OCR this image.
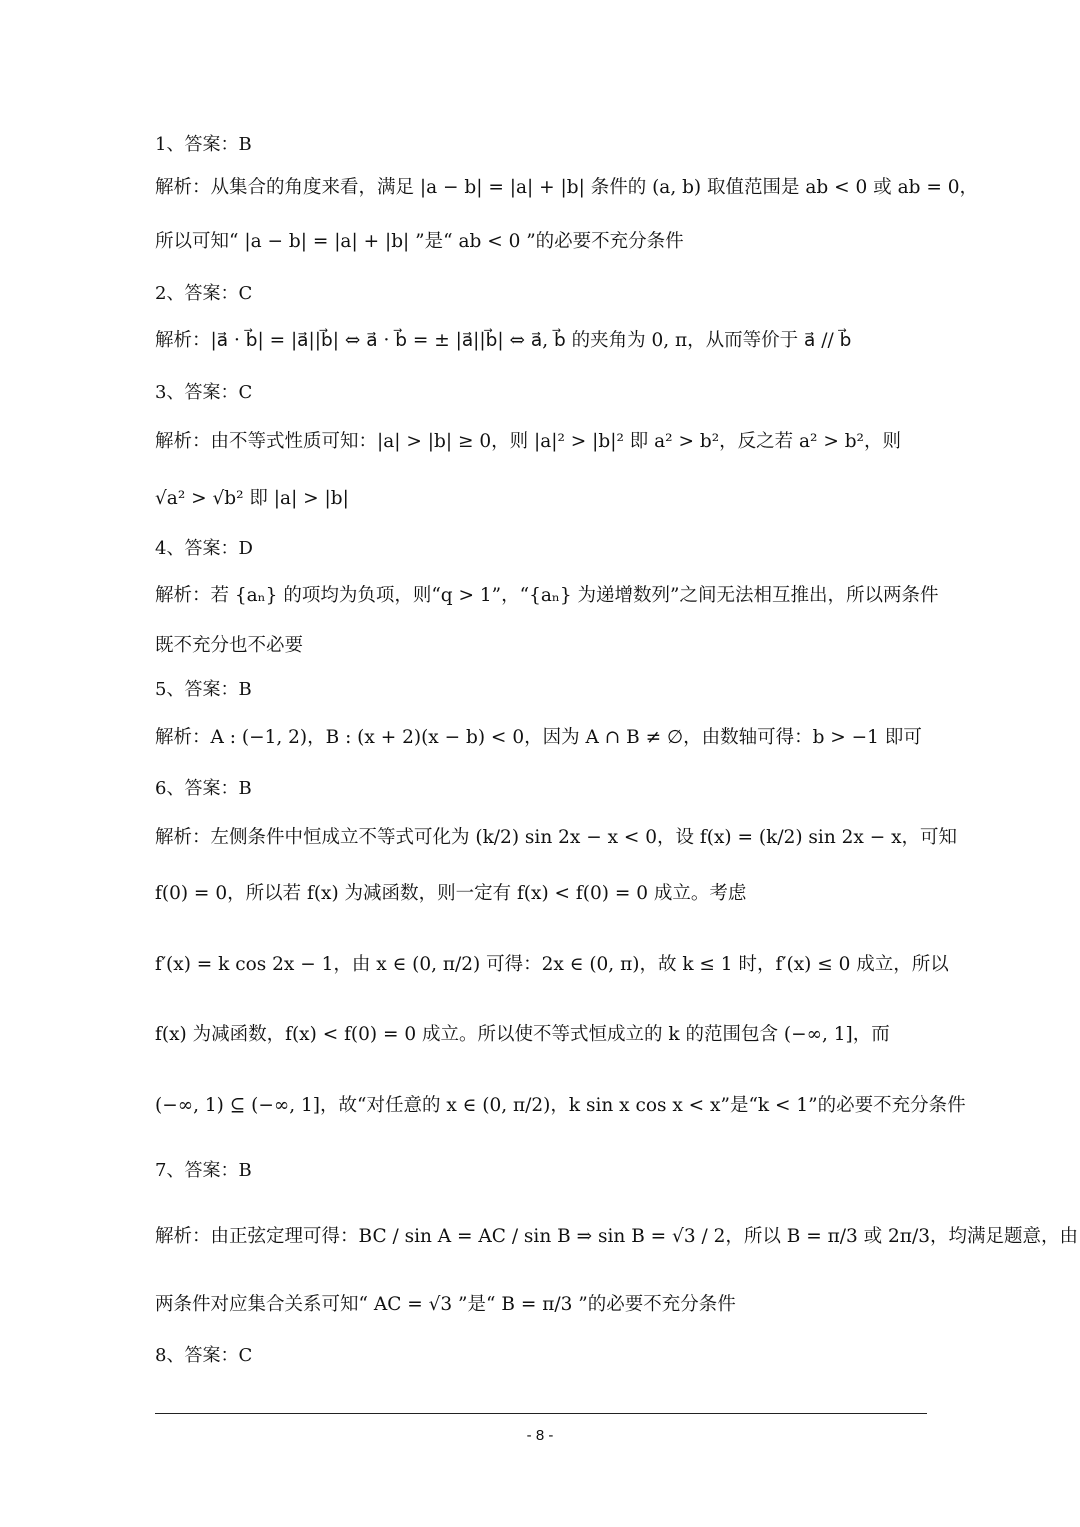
1、答案：B
解析：从集合的角度来看，满足 |a − b| = |a| + |b| 条件的 (a, b) 取值范围是 ab < 0 或 ab = 0，
所以可知“ |a − b| = |a| + |b| ”是“ ab < 0 ”的必要不充分条件
2、答案：C
解析：|a⃗ · b⃗| = |a⃗||b⃗| ⇔ a⃗ · b⃗ = ± |a⃗||b⃗| ⇔ a⃗, b⃗ 的夹角为 0, π，从而等价于 a⃗ // b⃗
3、答案：C
解析：由不等式性质可知：|a| > |b| ≥ 0，则 |a|² > |b|² 即 a² > b²，反之若 a² > b²，则
√a² > √b² 即 |a| > |b|
4、答案：D
解析：若 {aₙ} 的项均为负项，则“q > 1”，“{aₙ} 为递增数列”之间无法相互推出，所以两条件
既不充分也不必要
5、答案：B
解析：A : (−1, 2)，B : (x + 2)(x − b) < 0，因为 A ∩ B ≠ ∅，由数轴可得：b > −1 即可
6、答案：B
解析：左侧条件中恒成立不等式可化为 (k/2) sin 2x − x < 0，设 f(x) = (k/2) sin 2x − x，可知
f(0) = 0，所以若 f(x) 为减函数，则一定有 f(x) < f(0) = 0 成立。考虑
f′(x) = k cos 2x − 1，由 x ∈ (0, π/2) 可得：2x ∈ (0, π)，故 k ≤ 1 时，f′(x) ≤ 0 成立，所以
f(x) 为减函数，f(x) < f(0) = 0 成立。所以使不等式恒成立的 k 的范围包含 (−∞, 1]，而
(−∞, 1) ⊆ (−∞, 1]，故“对任意的 x ∈ (0, π/2)，k sin x cos x < x”是“k < 1”的必要不充分条件
7、答案：B
解析：由正弦定理可得：BC / sin A = AC / sin B ⇒ sin B = √3 / 2，所以 B = π/3 或 2π/3，均满足题意，由
两条件对应集合关系可知“ AC = √3 ”是“ B = π/3 ”的必要不充分条件
8、答案：C
- 8 -
